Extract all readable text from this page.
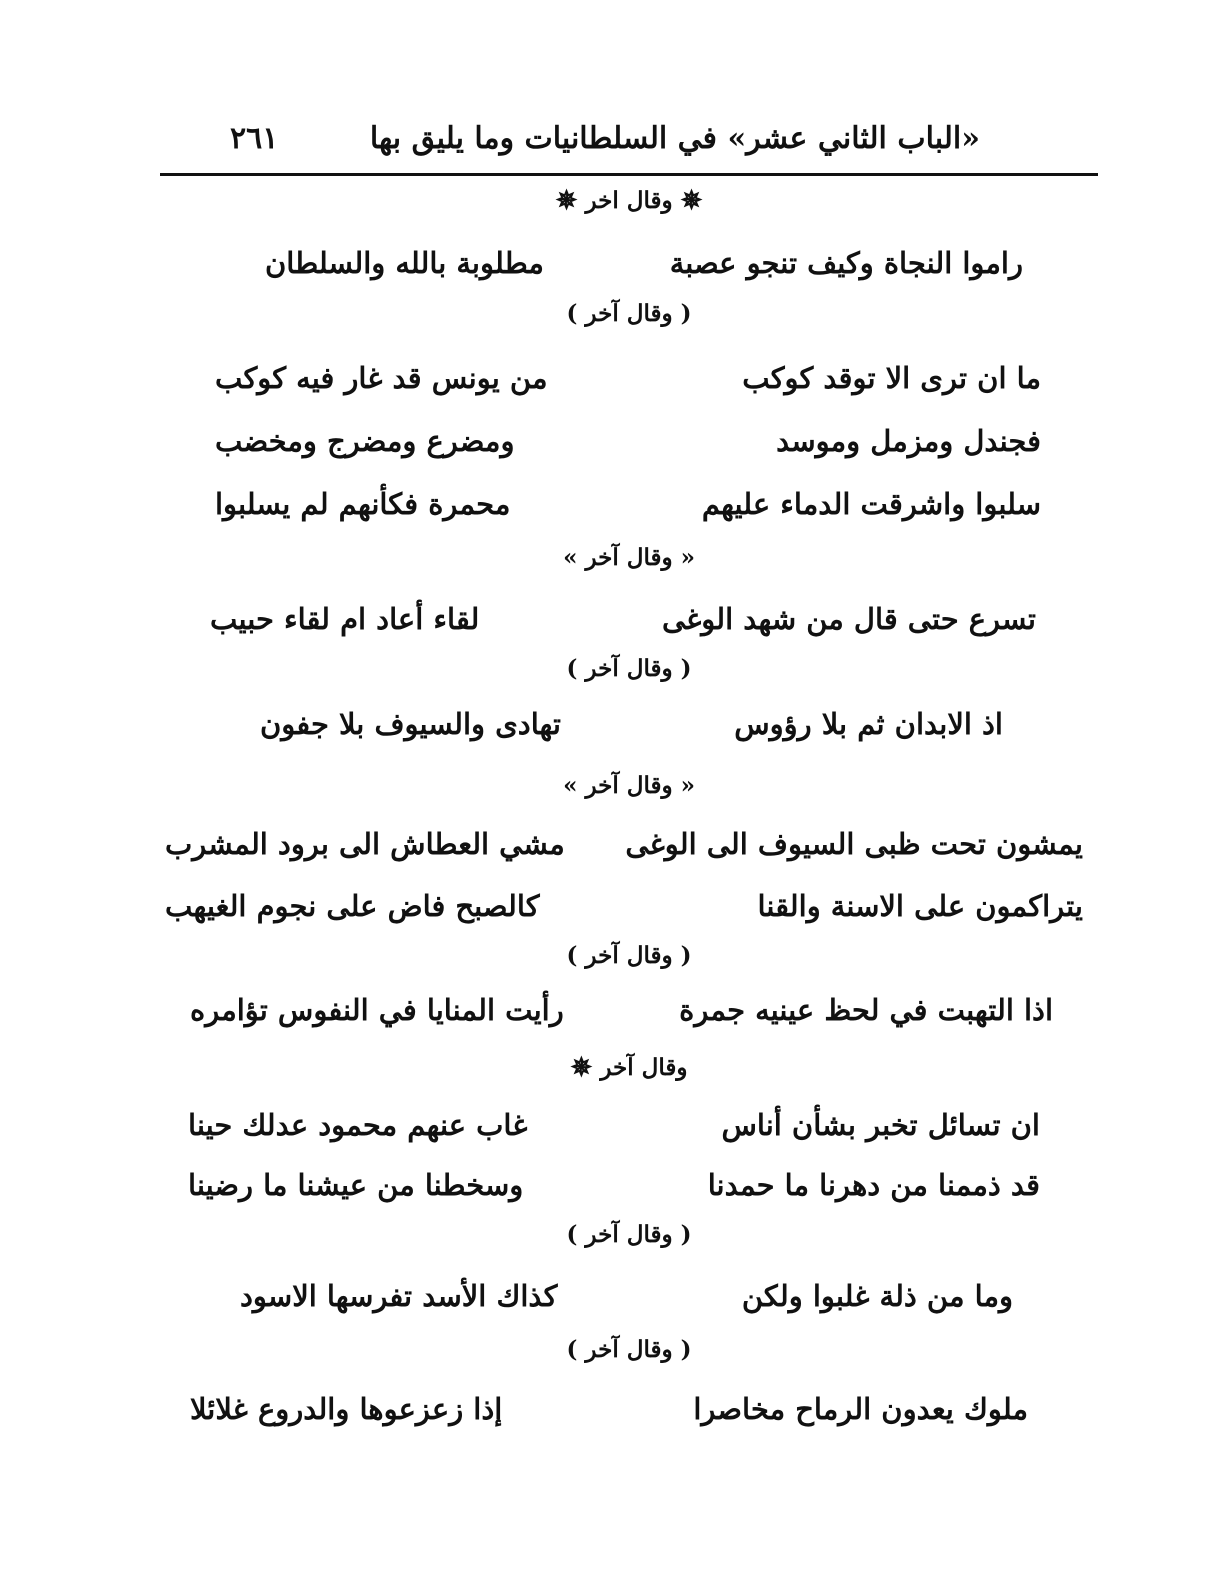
«الباب الثاني عشر» في السلطانيات وما يليق بها
٢٦١
✵
وقال اخر
✵
راموا النجاة وكيف تنجو عصبة
مطلوبة بالله والسلطان
( وقال آخر )
ما ان ترى الا توقد كوكب
من يونس قد غار فيه كوكب
فجندل ومزمل وموسد
ومضرع ومضرج ومخضب
سلبوا واشرقت الدماء عليهم
محمرة فكأنهم لم يسلبوا
« وقال آخر »
تسرع حتى قال من شهد الوغى
لقاء أعاد ام لقاء حبيب
( وقال آخر )
اذ الابدان ثم بلا رؤوس
تهادى والسيوف بلا جفون
« وقال آخر »
يمشون تحت ظبى السيوف الى الوغى
مشي العطاش الى برود المشرب
يتراكمون على الاسنة والقنا
كالصبح فاض على نجوم الغيهب
( وقال آخر )
اذا التهبت في لحظ عينيه جمرة
رأيت المنايا في النفوس تؤامره
وقال آخر
✵
ان تسائل تخبر بشأن أناس
غاب عنهم محمود عدلك حينا
قد ذممنا من دهرنا ما حمدنا
وسخطنا من عيشنا ما رضينا
( وقال آخر )
وما من ذلة غلبوا ولكن
كذاك الأسد تفرسها الاسود
( وقال آخر )
ملوك يعدون الرماح مخاصرا
إذا زعزعوها والدروع غلائلا
